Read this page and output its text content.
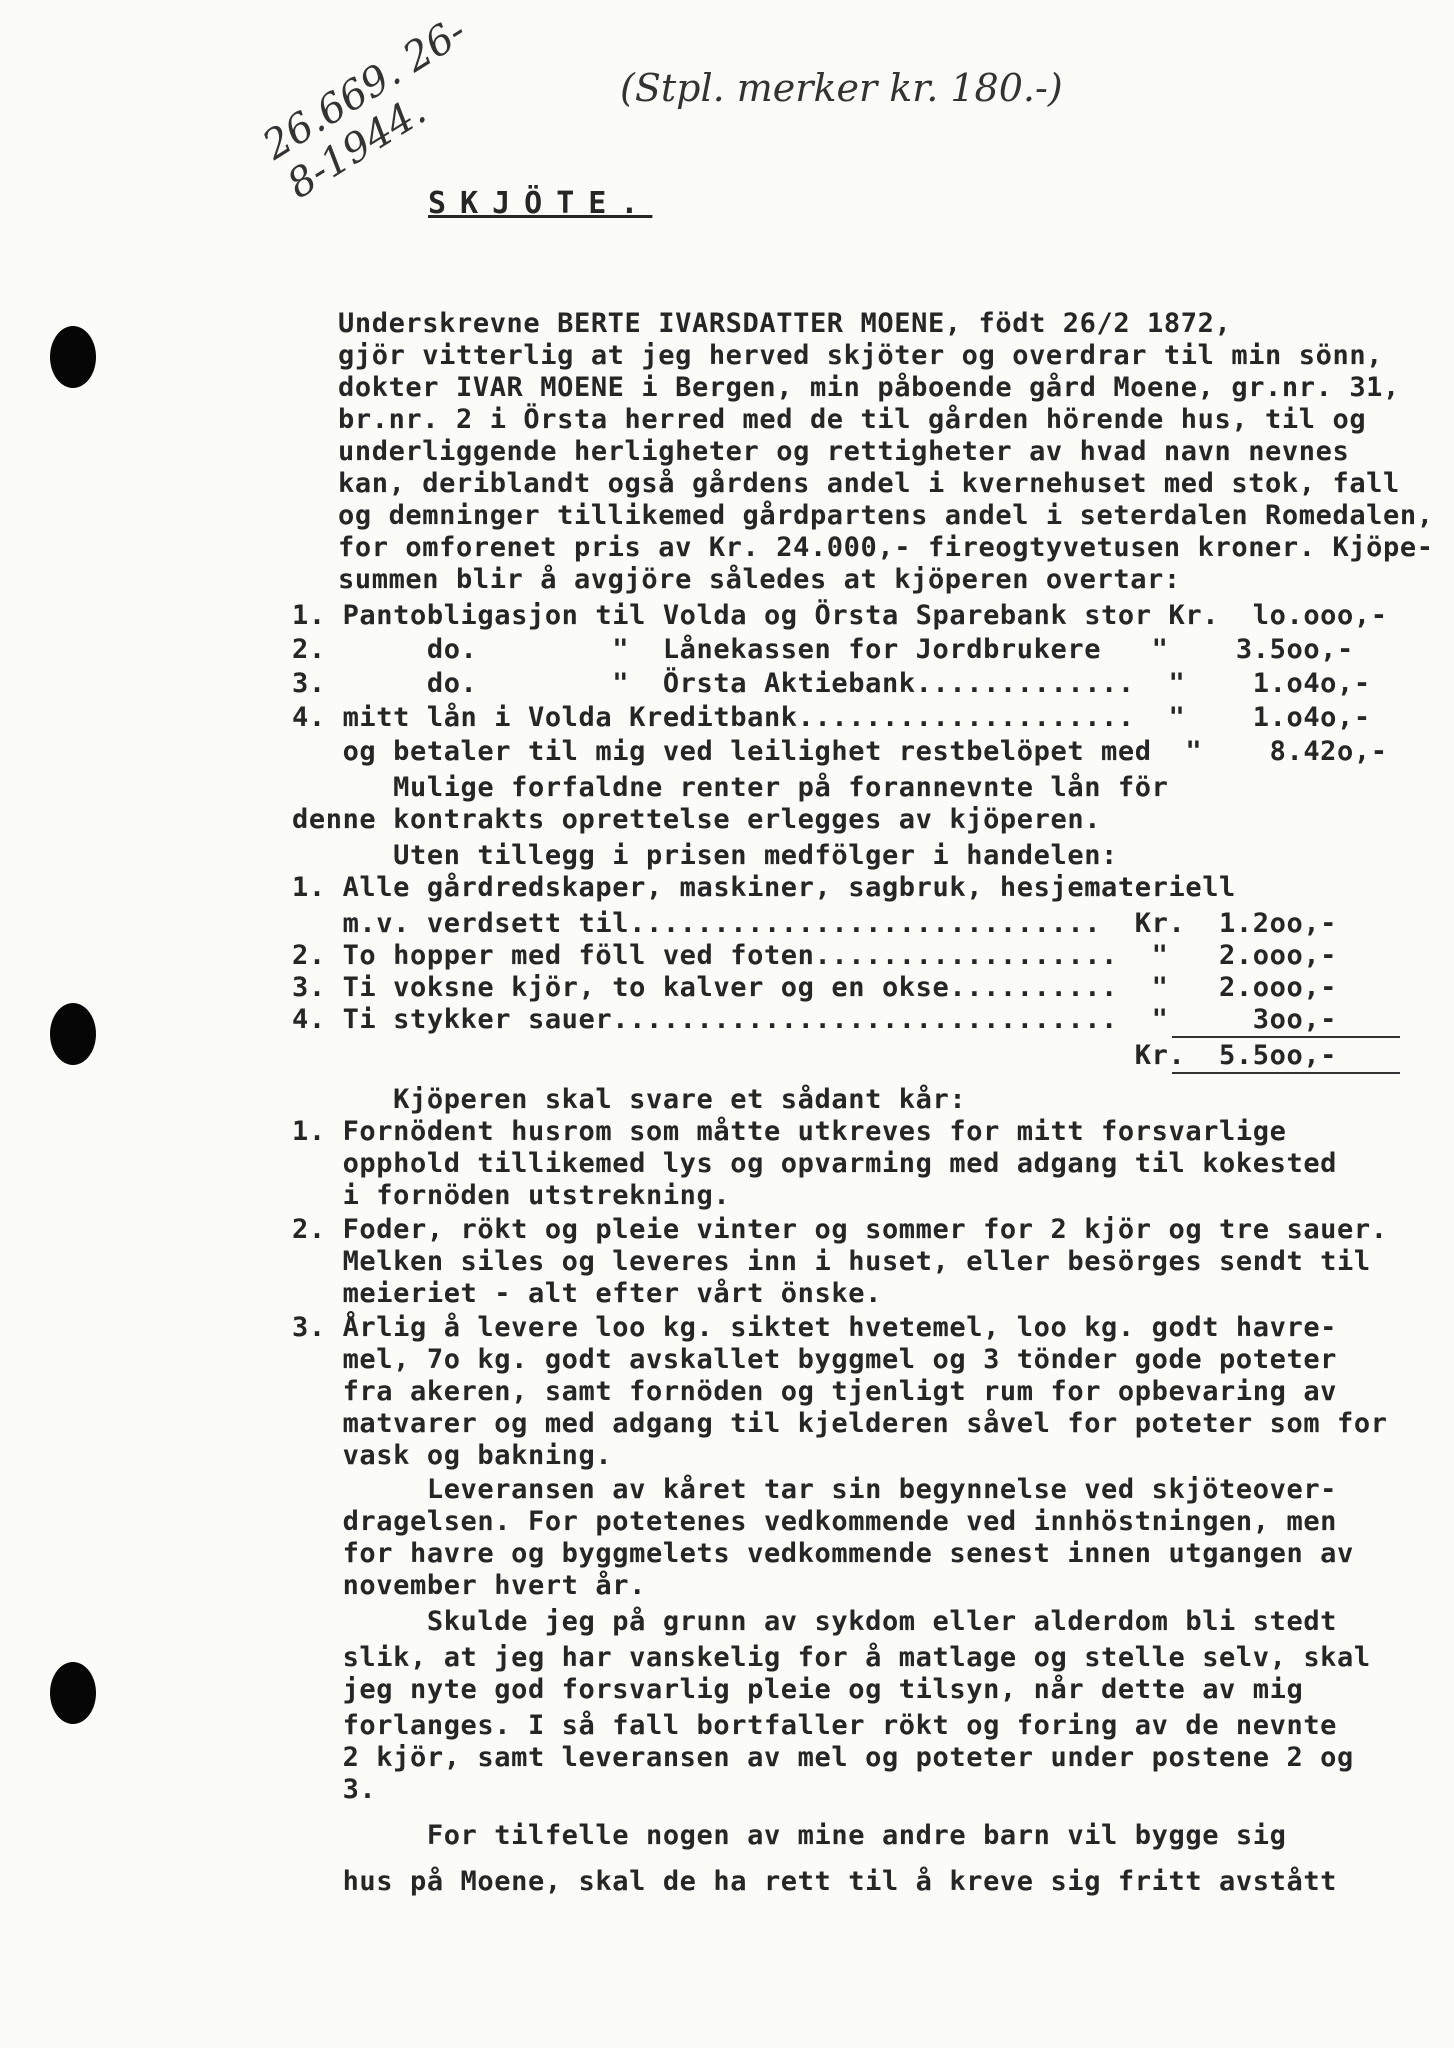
26.669. 26-8-1944.	(Stpl. merker kr. 180.-)
SKJÖTE.
Underskrevne BERTE IVARSDATTER MOENE, födt 26/2 1872,
gjör vitterlig at jeg herved skjöter og overdrar til min sönn,
dokter IVAR MOENE i Bergen, min påboende gård Moene, gr.nr. 31,
br.nr. 2 i Örsta herred med de til gården hörende hus, til og
underliggende herligheter og rettigheter av hvad navn nevnes
kan, deriblandt også gårdens andel i kvernehuset med stok, fall
og demninger tillikemed gårdpartens andel i seterdalen Romedalen,
for omforenet pris av Kr. 24.000,- fireogtyvetusen kroner. Kjöpe-
summen blir å avgjöre således at kjöperen overtar:
1. Pantobligasjon til Volda og Örsta Sparebank stor Kr.  lo.ooo,-
2.      do.        "  Lånekassen for Jordbrukere   "    3.5oo,-
3.      do.        "  Örsta Aktiebank.............  "    1.o4o,-
4. mitt lån i Volda Kreditbank....................  "    1.o4o,-
og betaler til mig ved leilighet restbelöpet med  "    8.42o,-
Mulige forfaldne renter på forannevnte lån för
denne kontrakts oprettelse erlegges av kjöperen.
Uten tillegg i prisen medfölger i handelen:
1. Alle gårdredskaper, maskiner, sagbruk, hesjemateriell
m.v. verdsett til............................  Kr.  1.2oo,-
2. To hopper med föll ved foten..................  "   2.ooo,-
3. Ti voksne kjör, to kalver og en okse..........  "   2.ooo,-
4. Ti stykker sauer..............................  "     3oo,-
Kr.  5.5oo,-
Kjöperen skal svare et sådant kår:
1. Fornödent husrom som måtte utkreves for mitt forsvarlige
opphold tillikemed lys og opvarming med adgang til kokested
i fornöden utstrekning.
2. Foder, rökt og pleie vinter og sommer for 2 kjör og tre sauer.
Melken siles og leveres inn i huset, eller besörges sendt til
meieriet - alt efter vårt önske.
3. Årlig å levere loo kg. siktet hvetemel, loo kg. godt havre-
mel, 7o kg. godt avskallet byggmel og 3 tönder gode poteter
fra akeren, samt fornöden og tjenligt rum for opbevaring av
matvarer og med adgang til kjelderen såvel for poteter som for
vask og bakning.
Leveransen av kåret tar sin begynnelse ved skjöteover-
dragelsen. For potetenes vedkommende ved innhöstningen, men
for havre og byggmelets vedkommende senest innen utgangen av
november hvert år.
Skulde jeg på grunn av sykdom eller alderdom bli stedt
slik, at jeg har vanskelig for å matlage og stelle selv, skal
jeg nyte god forsvarlig pleie og tilsyn, når dette av mig
forlanges. I så fall bortfaller rökt og foring av de nevnte
2 kjör, samt leveransen av mel og poteter under postene 2 og
3.
For tilfelle nogen av mine andre barn vil bygge sig
hus på Moene, skal de ha rett til å kreve sig fritt avstått
